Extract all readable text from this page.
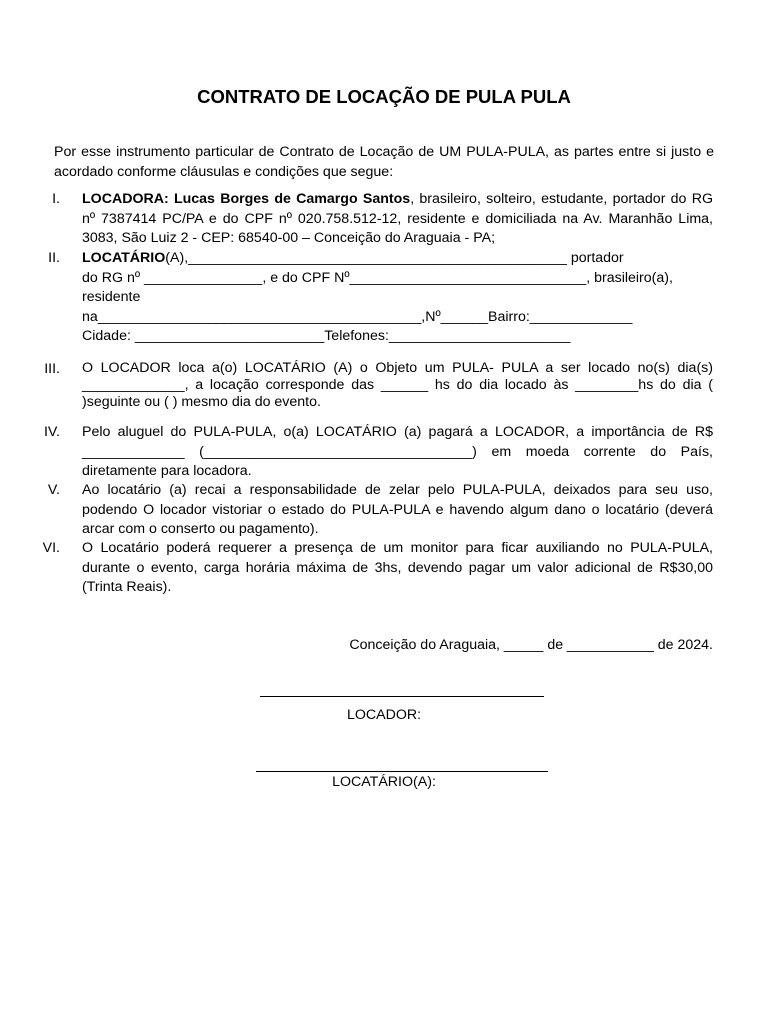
CONTRATO DE LOCAÇÃO DE PULA PULA

Por esse instrumento particular de Contrato de Locação de UM PULA-PULA, as partes entre si justo e acordado conforme cláusulas e condições que segue:

I. LOCADORA: Lucas Borges de Camargo Santos, brasileiro, solteiro, estudante, portador do RG nº 7387414 PC/PA e do CPF nº 020.758.512-12, residente e domiciliada na Av. Maranhão Lima, 3083, São Luiz 2 - CEP: 68540-00 – Conceição do Araguaia - PA;

II. LOCATÁRIO(A),________________________________________________ portador
do RG nº _______________, e do CPF Nº______________________________, brasileiro(a),
residente
na_________________________________________,Nº______Bairro:_____________
Cidade: ________________________Telefones:_______________________
III. O LOCADOR loca a(o) LOCATÁRIO (A) o Objeto um PULA- PULA a ser locado no(s) dia(s) _____________, a locação corresponde das ______ hs do dia locado às ________hs do dia ( )seguinte ou ( ) mesmo dia do evento.

IV. Pelo aluguel do PULA-PULA, o(a) LOCATÁRIO (a) pagará a LOCADOR, a importância de R$ _____________ (__________________________________) em moeda corrente do País, diretamente para locadora.

V. Ao locatário (a) recai a responsabilidade de zelar pelo PULA-PULA, deixados para seu uso, podendo O locador vistoriar o estado do PULA-PULA e havendo algum dano o locatário (deverá arcar com o conserto ou pagamento).

VI. O Locatário poderá requerer a presença de um monitor para ficar auxiliando no PULA-PULA, durante o evento, carga horária máxima de 3hs, devendo pagar um valor adicional de R$30,00 (Trinta Reais).

Conceição do Araguaia, _____ de ___________ de 2024.
LOCADOR:
LOCATÁRIO(A):
